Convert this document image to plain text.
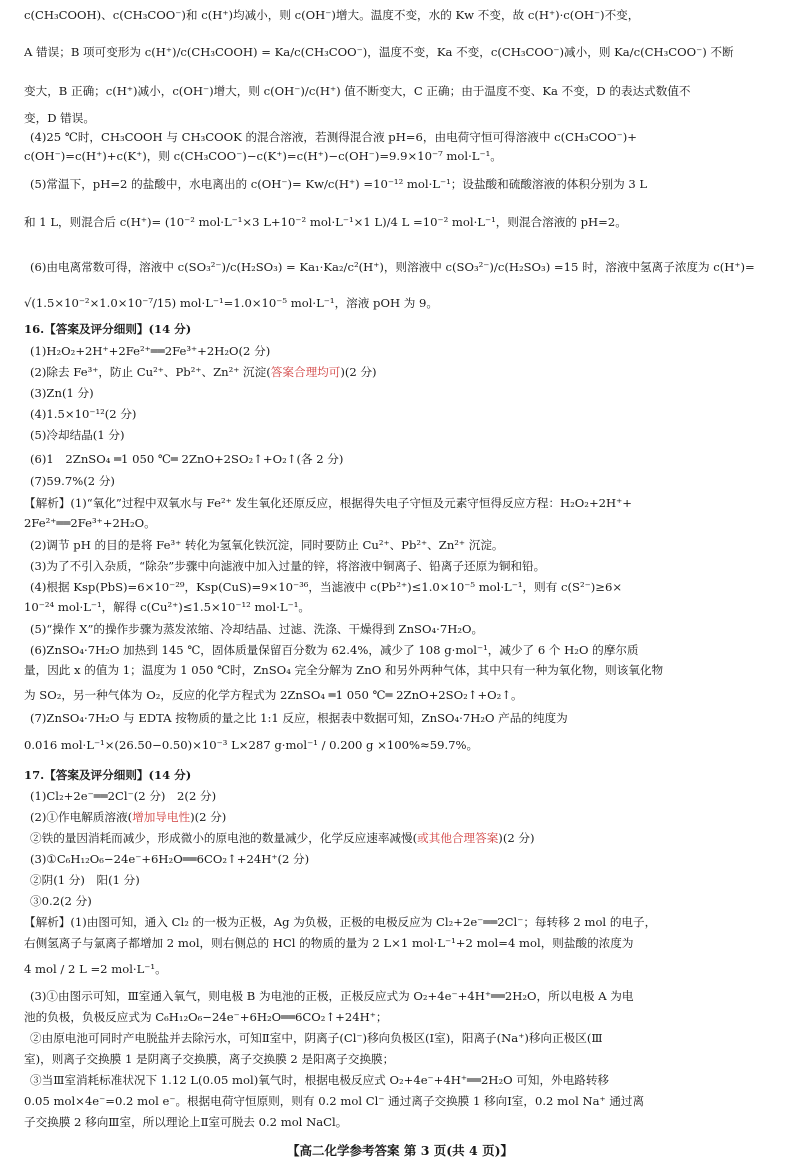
c(CH₃COOH)、c(CH₃COO⁻)和 c(H⁺)均减小，则 c(OH⁻)增大。温度不变，水的 Kw 不变，故 c(H⁺)·c(OH⁻)不变，
A 错误；B 项可变形为 c(H⁺)/c(CH₃COOH) = Ka/c(CH₃COO⁻)，温度不变，Ka 不变，c(CH₃COO⁻)减小，则 Ka/c(CH₃COO⁻) 不断
变大，B 正确；c(H⁺)减小，c(OH⁻)增大，则 c(OH⁻)/c(H⁺) 值不断变大，C 正确；由于温度不变、Ka 不变，D 的表达式数值不
变，D 错误。
(4)25 ℃时，CH₃COOH 与 CH₃COOK 的混合溶液，若测得混合液 pH=6，由电荷守恒可得溶液中 c(CH₃COO⁻)+
c(OH⁻)=c(H⁺)+c(K⁺)，则 c(CH₃COO⁻)−c(K⁺)=c(H⁺)−c(OH⁻)=9.9×10⁻⁷ mol·L⁻¹。
(5)常温下，pH=2 的盐酸中，水电离出的 c(OH⁻)= Kw/c(H⁺) =10⁻¹² mol·L⁻¹；设盐酸和硫酸溶液的体积分别为 3 L
和 1 L，则混合后 c(H⁺)= (10⁻² mol·L⁻¹×3 L+10⁻² mol·L⁻¹×1 L)/4 L =10⁻² mol·L⁻¹，则混合溶液的 pH=2。
(6)由电离常数可得，溶液中 c(SO₃²⁻)/c(H₂SO₃) = Ka₁·Ka₂/c²(H⁺)，则溶液中 c(SO₃²⁻)/c(H₂SO₃) =15 时，溶液中氢离子浓度为 c(H⁺)=
√(1.5×10⁻²×1.0×10⁻⁷/15) mol·L⁻¹=1.0×10⁻⁵ mol·L⁻¹，溶液 pOH 为 9。
16.【答案及评分细则】(14 分)
(1)H₂O₂+2H⁺+2Fe²⁺══2Fe³⁺+2H₂O(2 分)
(2)除去 Fe³⁺，防止 Cu²⁺、Pb²⁺、Zn²⁺ 沉淀(答案合理均可)(2 分)
(3)Zn(1 分)
(4)1.5×10⁻¹²(2 分)
(5)冷却结晶(1 分)
(6)1　2ZnSO₄ ═1 050 ℃═ 2ZnO+2SO₂↑+O₂↑(各 2 分)
(7)59.7%(2 分)
【解析】(1)“氧化”过程中双氧水与 Fe²⁺ 发生氧化还原反应，根据得失电子守恒及元素守恒得反应方程：H₂O₂+2H⁺+
2Fe²⁺══2Fe³⁺+2H₂O。
(2)调节 pH 的目的是将 Fe³⁺ 转化为氢氧化铁沉淀，同时要防止 Cu²⁺、Pb²⁺、Zn²⁺ 沉淀。
(3)为了不引入杂质，“除杂”步骤中向滤液中加入过量的锌，将溶液中铜离子、铅离子还原为铜和铅。
(4)根据 Ksp(PbS)=6×10⁻²⁹，Ksp(CuS)=9×10⁻³⁶，当滤液中 c(Pb²⁺)≤1.0×10⁻⁵ mol·L⁻¹，则有 c(S²⁻)≥6×
10⁻²⁴ mol·L⁻¹，解得 c(Cu²⁺)≤1.5×10⁻¹² mol·L⁻¹。
(5)“操作 X”的操作步骤为蒸发浓缩、冷却结晶、过滤、洗涤、干燥得到 ZnSO₄·7H₂O。
(6)ZnSO₄·7H₂O 加热到 145 ℃，固体质量保留百分数为 62.4%，减少了 108 g·mol⁻¹，减少了 6 个 H₂O 的摩尔质
量，因此 x 的值为 1；温度为 1 050 ℃时，ZnSO₄ 完全分解为 ZnO 和另外两种气体，其中只有一种为氧化物，则该氧化物
为 SO₂，另一种气体为 O₂，反应的化学方程式为 2ZnSO₄ ═1 050 ℃═ 2ZnO+2SO₂↑+O₂↑。
(7)ZnSO₄·7H₂O 与 EDTA 按物质的量之比 1:1 反应，根据表中数据可知，ZnSO₄·7H₂O 产品的纯度为
0.016 mol·L⁻¹×(26.50−0.50)×10⁻³ L×287 g·mol⁻¹ / 0.200 g ×100%≈59.7%。
17.【答案及评分细则】(14 分)
(1)Cl₂+2e⁻══2Cl⁻(2 分)　2(2 分)
(2)①作电解质溶液(增加导电性)(2 分)
②铁的量因消耗而减少，形成微小的原电池的数量减少，化学反应速率减慢(或其他合理答案)(2 分)
(3)①C₆H₁₂O₆−24e⁻+6H₂O══6CO₂↑+24H⁺(2 分)
②阴(1 分)　阳(1 分)
③0.2(2 分)
【解析】(1)由图可知，通入 Cl₂ 的一极为正极，Ag 为负极，正极的电极反应为 Cl₂+2e⁻══2Cl⁻；每转移 2 mol 的电子，
右侧氢离子与氯离子都增加 2 mol，则右侧总的 HCl 的物质的量为 2 L×1 mol·L⁻¹+2 mol=4 mol，则盐酸的浓度为
4 mol / 2 L =2 mol·L⁻¹。
(3)①由图示可知，Ⅲ室通入氧气，则电极 B 为电池的正极，正极反应式为 O₂+4e⁻+4H⁺══2H₂O，所以电极 A 为电
池的负极，负极反应式为 C₆H₁₂O₆−24e⁻+6H₂O══6CO₂↑+24H⁺；
②由原电池可同时产电脱盐并去除污水，可知Ⅱ室中，阴离子(Cl⁻)移向负极区(Ⅰ室)，阳离子(Na⁺)移向正极区(Ⅲ
室)，则离子交换膜 1 是阴离子交换膜，离子交换膜 2 是阳离子交换膜；
③当Ⅲ室消耗标准状况下 1.12 L(0.05 mol)氧气时，根据电极反应式 O₂+4e⁻+4H⁺══2H₂O 可知，外电路转移
0.05 mol×4e⁻=0.2 mol e⁻。根据电荷守恒原则，则有 0.2 mol Cl⁻ 通过离子交换膜 1 移向Ⅰ室，0.2 mol Na⁺ 通过离
子交换膜 2 移向Ⅲ室，所以理论上Ⅱ室可脱去 0.2 mol NaCl。
【高二化学参考答案 第 3 页(共 4 页)】
